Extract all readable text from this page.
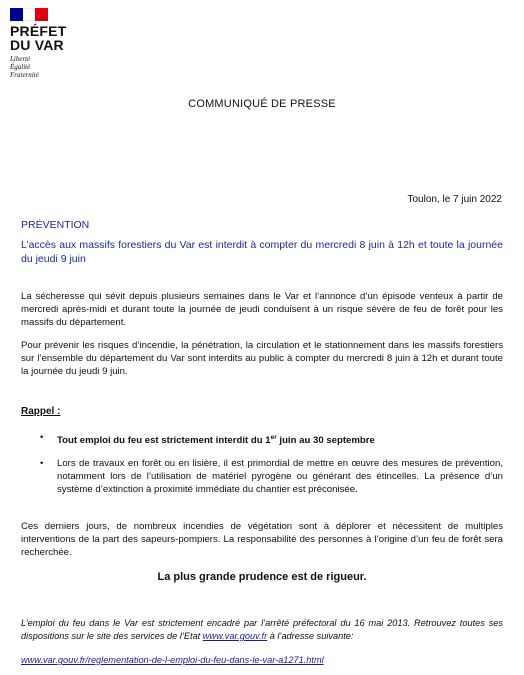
PRÉFET
DU VAR
Liberté
Égalité
Fraternité
COMMUNIQUÉ DE PRESSE
Toulon, le 7 juin 2022
PRÉVENTION
L’accès aux massifs forestiers du Var est interdit à compter du mercredi 8 juin à 12h et toute la journée du jeudi 9 juin
La sécheresse qui sévit depuis plusieurs semaines dans le Var et l’annonce d’un épisode venteux à partir de mercredi après-midi et durant toute la journée de jeudi conduisent à un risque sévère de feu de forêt pour les massifs du département.
Pour prévenir les risques d’incendie, la pénétration, la circulation et le stationnement dans les massifs forestiers sur l’ensemble du département du Var sont interdits au public à compter du mercredi 8 juin à 12h et durant toute la journée du jeudi 9 juin.
Rappel :
• Tout emploi du feu est strictement interdit du 1er juin au 30 septembre
• Lors de travaux en forêt ou en lisière, il est primordial de mettre en œuvre des mesures de prévention, notamment lors de l’utilisation de matériel pyrogène ou générant des étincelles. La présence d’un système d’extinction à proximité immédiate du chantier est préconisée.
Ces derniers jours, de nombreux incendies de végétation sont à déplorer et nécessitent de multiples interventions de la part des sapeurs-pompiers. La responsabilité des personnes à l’origine d’un feu de forêt sera recherchée.
La plus grande prudence est de rigueur.
L’emploi du feu dans le Var est strictement encadré par l’arrêté préfectoral du 16 mai 2013. Retrouvez toutes ses dispositions sur le site des services de l’Etat www.var.gouv.fr à l’adresse suivante:
www.var.gouv.fr/reglementation-de-l-emploi-du-feu-dans-le-var-a1271.html
